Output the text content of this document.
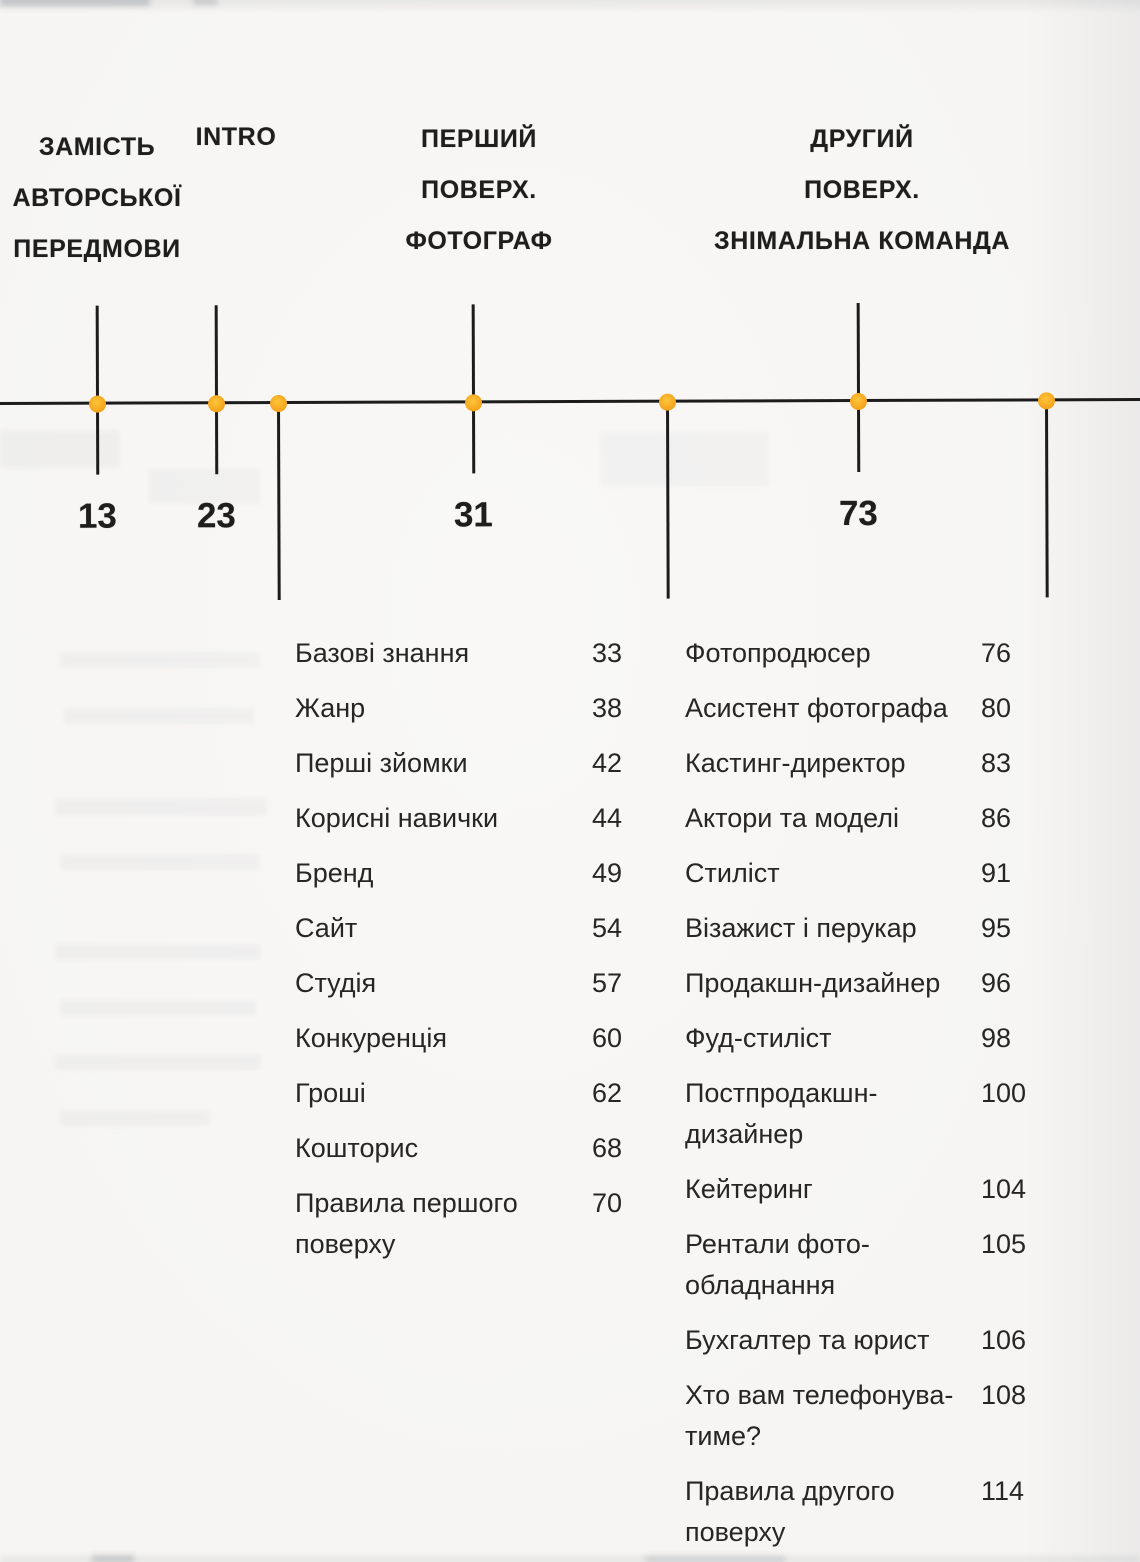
ЗАМІСТЬ
АВТОРСЬКОЇ
ПЕРЕДМОВИ
INTRO	ПЕРШИЙ
ПОВЕРХ.
ФОТОГРАФ
ДРУГИЙ
ПОВЕРХ.
ЗНІМАЛЬНА КОМАНДА
13	23	31	73
Базові знання	33
Жанр	38
Перші зйомки	42
Корисні навички	44
Бренд	49
Сайт	54
Студія	57
Конкуренція	60
Гроші	62
Кошторис	68
Правила першого
поверху
70
Фотопродюсер	76
Асистент фотографа	80
Кастинг-директор	83
Актори та моделі	86
Стиліст	91
Візажист і перукар	95
Продакшн-дизайнер	96
Фуд-стиліст	98
Постпродакшн-
дизайнер
100
Кейтеринг	104
Рентали фото-
обладнання
105
Бухгалтер та юрист	106
Хто вам телефонува-
тиме?
108
Правила другого
поверху
114
